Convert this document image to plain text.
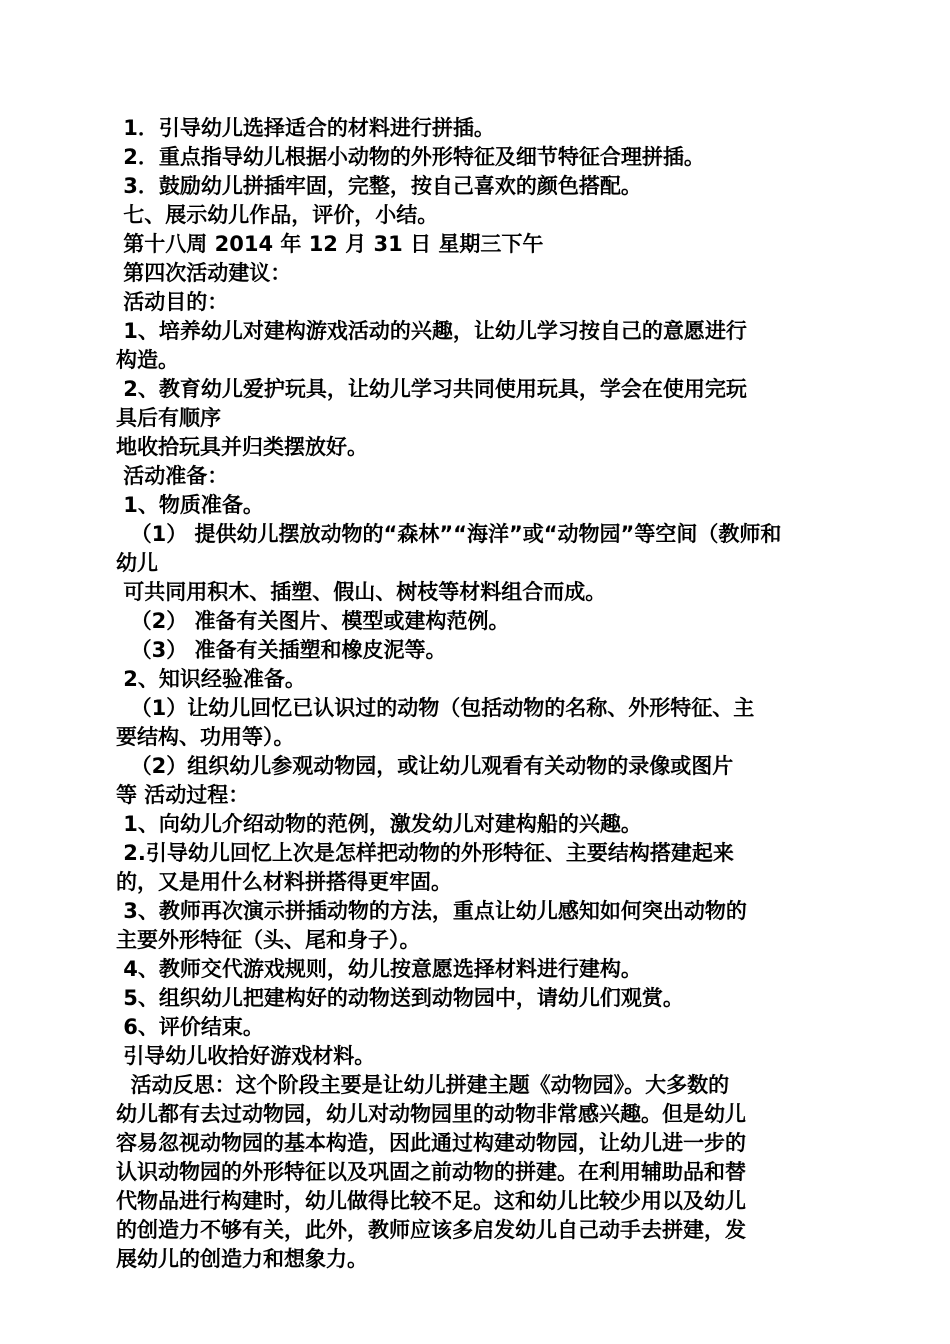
1．引导幼儿选择适合的材料进行拼插。
2．重点指导幼儿根据小动物的外形特征及细节特征合理拼插。
3．鼓励幼儿拼插牢固，完整，按自己喜欢的颜色搭配。
七、展示幼儿作品，评价，小结。
第十八周 2014 年 12 月 31 日 星期三下午
第四次活动建议：
活动目的：
1、培养幼儿对建构游戏活动的兴趣，让幼儿学习按自己的意愿进行
构造。
2、教育幼儿爱护玩具，让幼儿学习共同使用玩具，学会在使用完玩
具后有顺序
地收拾玩具并归类摆放好。
活动准备：
1、物质准备。
（1） 提供幼儿摆放动物的“森林”“海洋”或“动物园”等空间（教师和
幼儿
可共同用积木、插塑、假山、树枝等材料组合而成。
（2） 准备有关图片、模型或建构范例。
（3） 准备有关插塑和橡皮泥等。
2、知识经验准备。
（1）让幼儿回忆已认识过的动物（包括动物的名称、外形特征、主
要结构、功用等）。
（2）组织幼儿参观动物园，或让幼儿观看有关动物的录像或图片
等 活动过程：
1、向幼儿介绍动物的范例，激发幼儿对建构船的兴趣。
2.引导幼儿回忆上次是怎样把动物的外形特征、主要结构搭建起来
的，又是用什么材料拼搭得更牢固。
3、教师再次演示拼插动物的方法，重点让幼儿感知如何突出动物的
主要外形特征（头、尾和身子）。
4、教师交代游戏规则，幼儿按意愿选择材料进行建构。
5、组织幼儿把建构好的动物送到动物园中，请幼儿们观赏。
6、评价结束。
引导幼儿收拾好游戏材料。
活动反思：这个阶段主要是让幼儿拼建主题《动物园》。大多数的
幼儿都有去过动物园，幼儿对动物园里的动物非常感兴趣。但是幼儿
容易忽视动物园的基本构造，因此通过构建动物园，让幼儿进一步的
认识动物园的外形特征以及巩固之前动物的拼建。在利用辅助品和替
代物品进行构建时，幼儿做得比较不足。这和幼儿比较少用以及幼儿
的创造力不够有关，此外，教师应该多启发幼儿自己动手去拼建，发
展幼儿的创造力和想象力。
